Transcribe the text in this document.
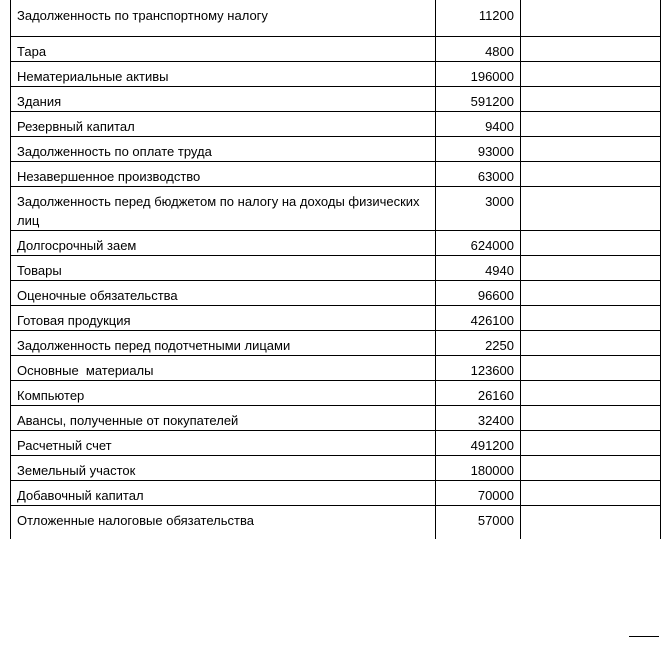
Задолженность по транспортному налогу	11200	
Тара	4800	
Нематериальные активы	196000	
Здания	591200	
Резервный капитал	9400	
Задолженность по оплате труда	93000	
Незавершенное производство	63000	
Задолженность перед бюджетом по налогу на доходы физических лиц	3000	
Долгосрочный заем	624000	
Товары	4940	
Оценочные обязательства	96600	
Готовая продукция	426100	
Задолженность перед подотчетными лицами	2250	
Основные  материалы	123600	
Компьютер	26160	
Авансы, полученные от покупателей	32400	
Расчетный счет	491200	
Земельный участок	180000	
Добавочный капитал	70000	
Отложенные налоговые обязательства	57000	
